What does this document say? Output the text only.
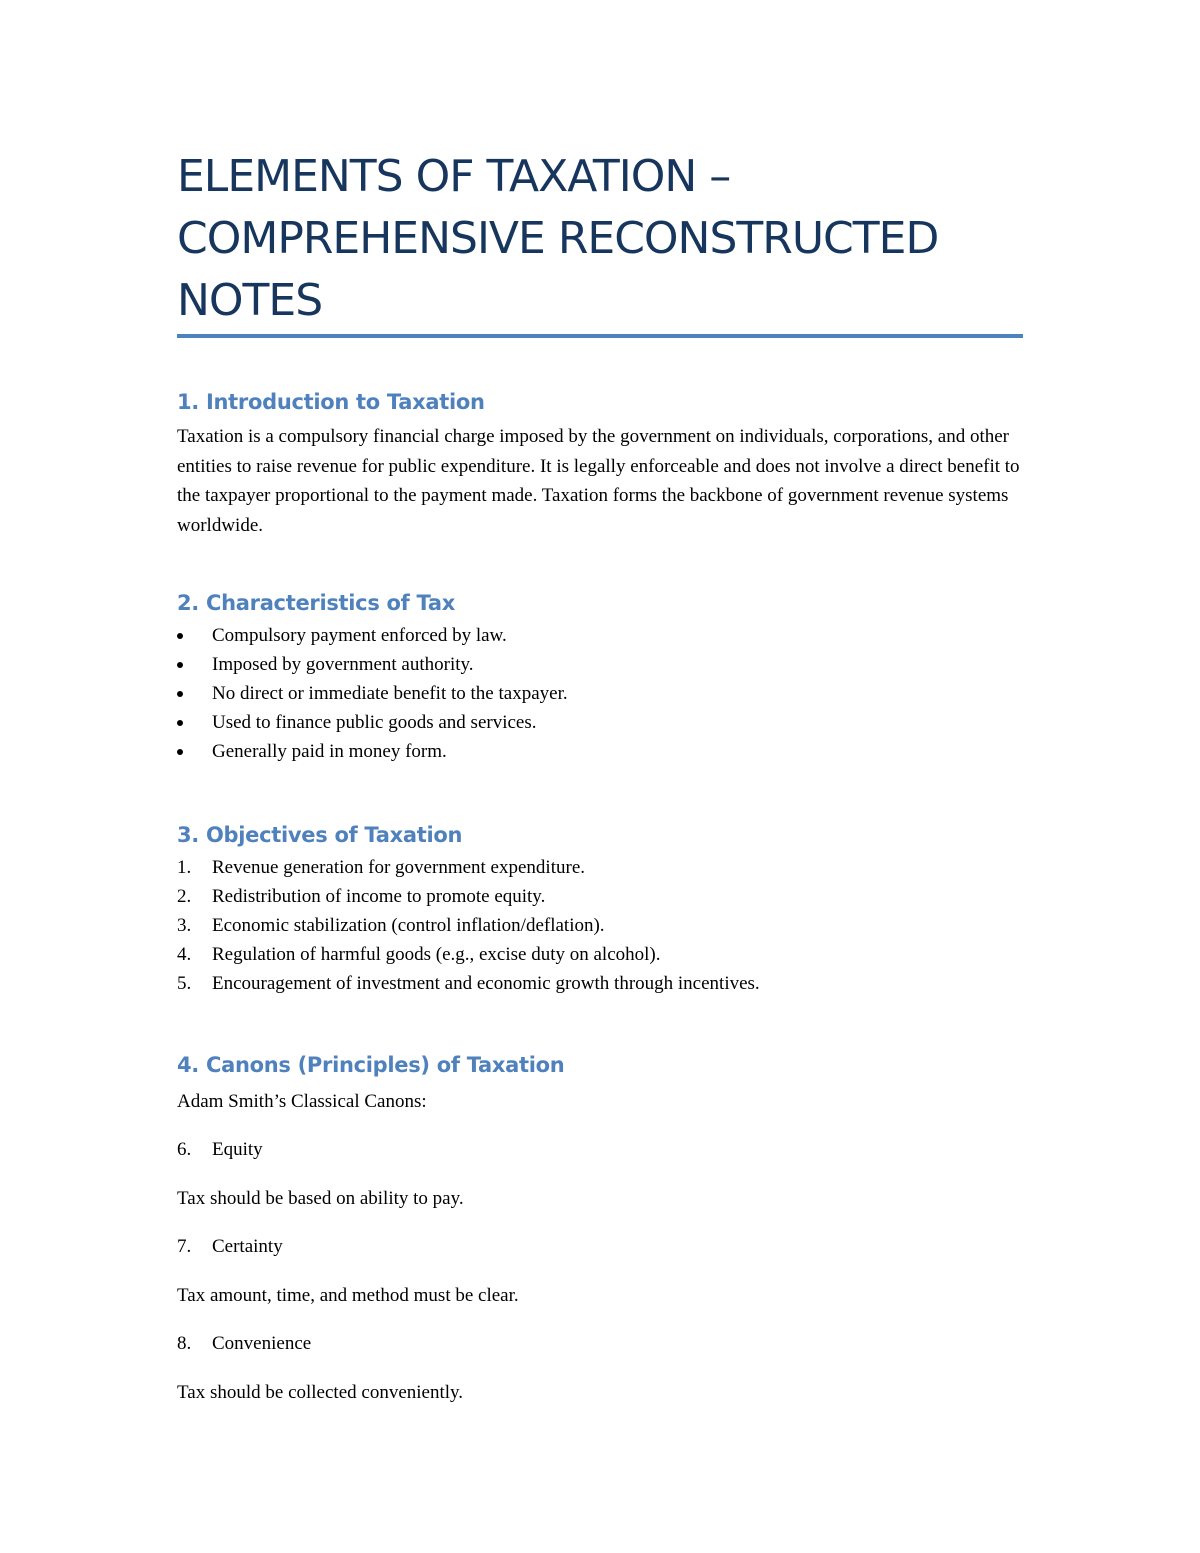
ELEMENTS OF TAXATION – COMPREHENSIVE RECONSTRUCTED NOTES
1. Introduction to Taxation

Taxation is a compulsory financial charge imposed by the government on individuals, corporations, and other entities to raise revenue for public expenditure. It is legally enforceable and does not involve a direct benefit to the taxpayer proportional to the payment made. Taxation forms the backbone of government revenue systems worldwide.

2. Characteristics of Tax
Compulsory payment enforced by law.
Imposed by government authority.
No direct or immediate benefit to the taxpayer.
Used to finance public goods and services.
Generally paid in money form.
3. Objectives of Taxation
1. Revenue generation for government expenditure.
2. Redistribution of income to promote equity.
3. Economic stabilization (control inflation/deflation).
4. Regulation of harmful goods (e.g., excise duty on alcohol).
5. Encouragement of investment and economic growth through incentives.
4. Canons (Principles) of Taxation

Adam Smith’s Classical Canons:

6. Equity
Tax should be based on ability to pay.
7. Certainty
Tax amount, time, and method must be clear.
8. Convenience
Tax should be collected conveniently.
